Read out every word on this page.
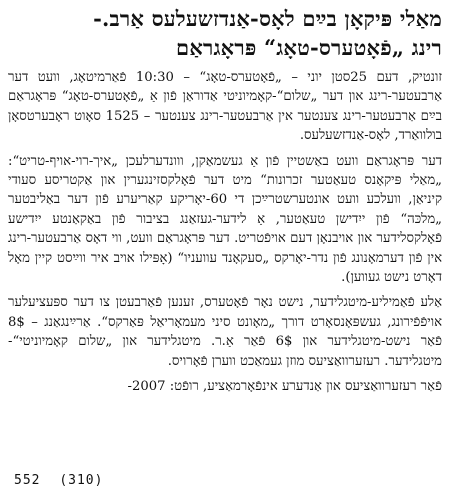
מאַלי פּיקאָן בײַם לאָס-אַנדזשעלעס אַרב.-
רינג „פֿאָטערס-טאָג“ פּראָגראַם

זונטיק, דעם 25סטן יוני – „פֿאָטערס-טאָג“ – 10:30 פֿאַרמיטאָג, וועט דער אַרבעטער-רינג און דער „שלום“-קאָמיוניטי אַדוראַן פֿון אַ „פֿאָטערס-טאָג“ פּראָגראַם בײַם אַרבעטער-רינג צענטער אין אַרבעטער-רינג צענטער – 1525 סאָוט ראָבערטסאָן בולוואַרד, לאָס-אַנדזשעלעס.

דער פּראָגראַם וועט באַשטיין פֿון אַ געשמאַקן, ווונדערלעכן „איך-רוי-אויף-טריט“: „מאַלי פּיקאָנס טעאַטער זכרונות“ מיט דער פֿאָלקסזינגערין און אַקטריסע סעודי קיניאַן, וועלכע וועט אונטערשטרײַכן די 60-יאָריקע קאַריערע פֿון דער באַליבטער „מלכּה“ פֿון ייִדישן טעאַטער, אַ לידער-געזאַנג בציבור פֿון באַקאַנטע ייִדישע פֿאָלקסלידער און אויבנאָן דעם אויפֿטריט. דער פּראָגראַם וועט, ווי דאָס אַרבעטער-רינג אין פֿון דערמאָנונג פֿון נדר-יאָרקס „סעקאָנד עוועניו“ (אָפּילו אויב איר ווײַסט קיין מאָל דאָרט נישט געווען).

אַלע פֿאַמיליע-מיטגלידער, נישט נאָר פֿאָטערס, זענען פֿאַרבעטן צו דער ספּעציעלער אויפֿפֿירונג, געשפּאָנסאָרט דורך „מאָונט סיני מעמאָריאַל פּאַרקס“. אַרײַנגאַנג – 8$ פֿאַר נישט-מיטגלידער און 6$ פֿאַר אַ.ר. מיטגלידער און „שלום קאָמיוניטי“-מיטגלידער. רעזערוואַציעס מוזן געמאַכט ווערן פֿאָרויס.

פֿאַר רעזערוואַציעס און אַנדערע אינפֿאָרמאַציע, רופֿט: 2007-

552 (310)
